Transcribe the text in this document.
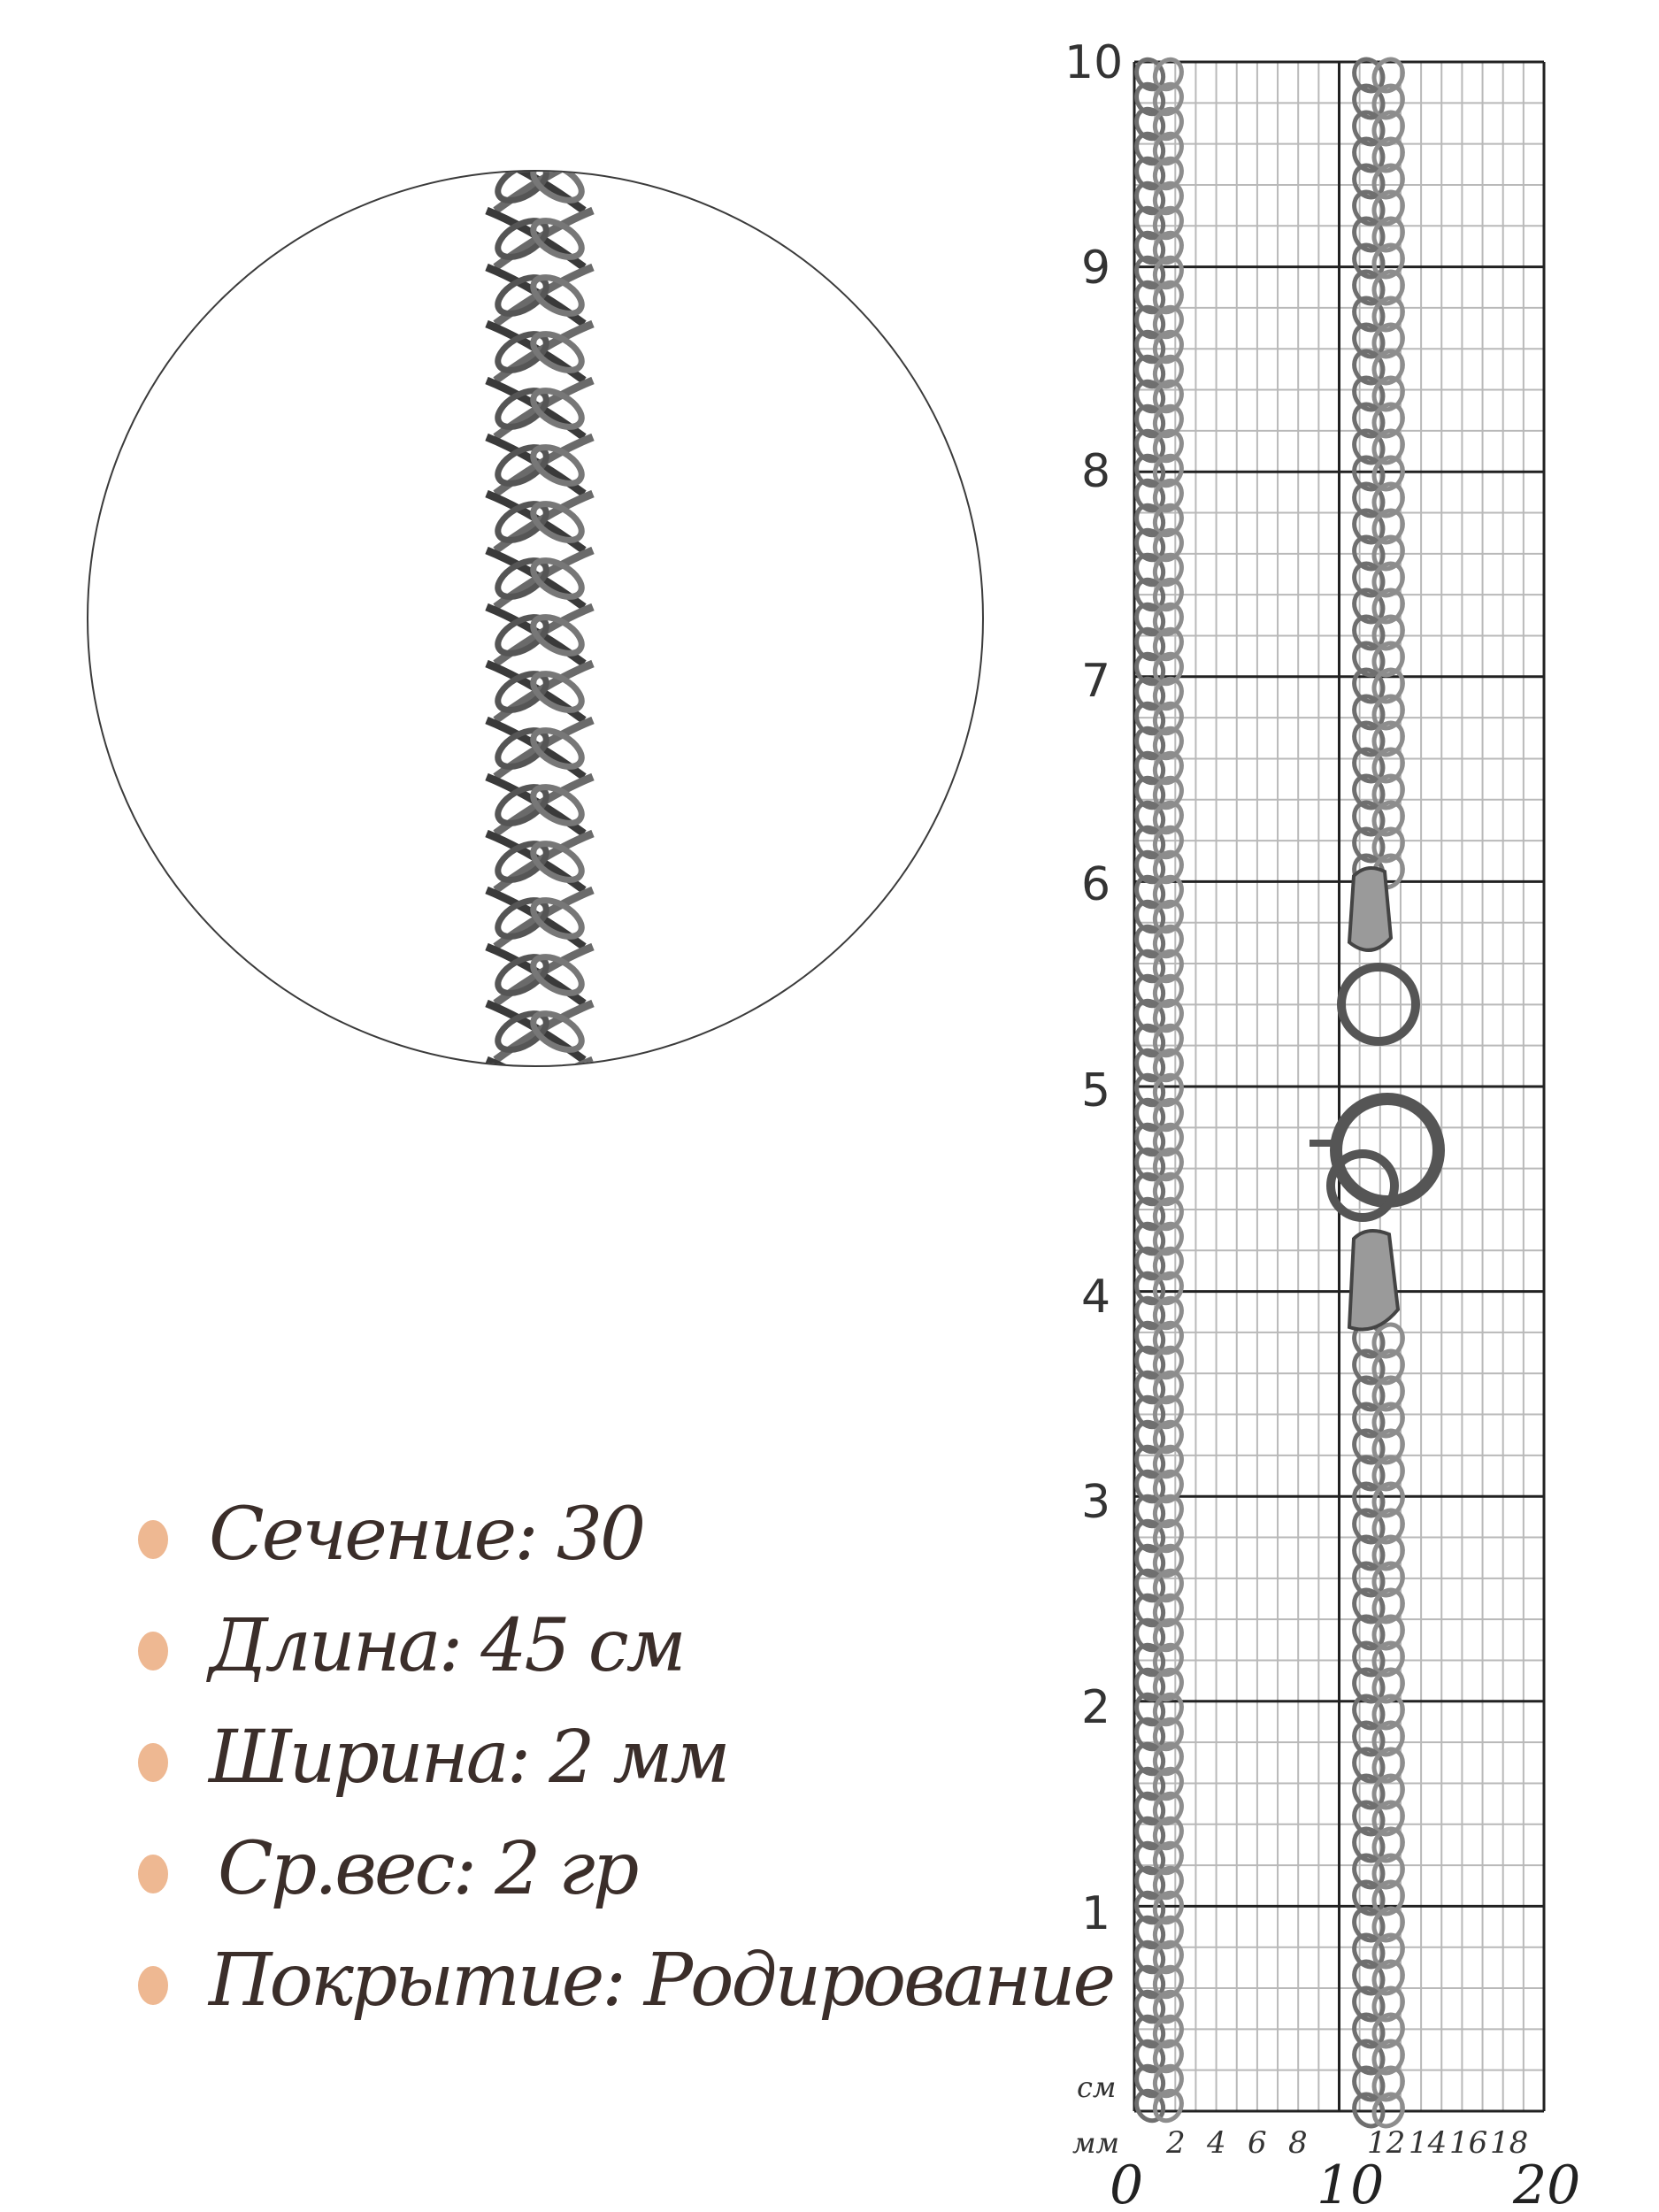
10
9
8
7
6
5
4
3
2
1
см
мм 2 4 6 8 12 14 16 18
0	10 20
Сечение: 30
Длина: 45 см
Ширина: 2 мм
Ср.вес: 2 гр
Покрытие: Родирование
